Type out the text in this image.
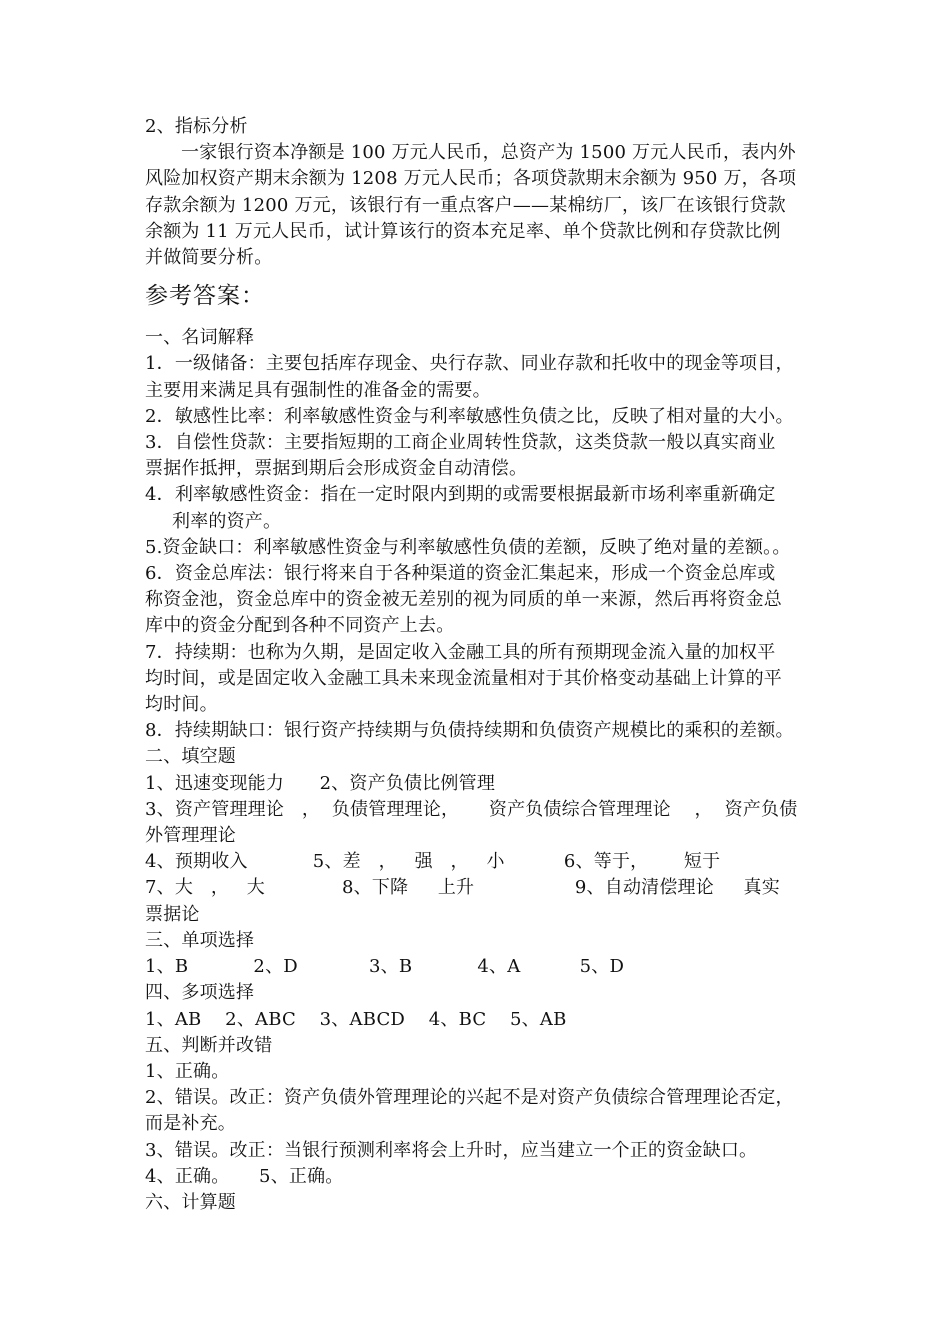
2、指标分析
一家银行资本净额是 100 万元人民币，总资产为 1500 万元人民币，表内外
风险加权资产期末余额为 1208 万元人民币；各项贷款期末余额为 950 万，各项
存款余额为 1200 万元，该银行有一重点客户——某棉纺厂，该厂在该银行贷款
余额为 11 万元人民币，试计算该行的资本充足率、单个贷款比例和存贷款比例
并做简要分析。
参考答案：
一、名词解释
1．一级储备：主要包括库存现金、央行存款、同业存款和托收中的现金等项目，
主要用来满足具有强制性的准备金的需要。
2．敏感性比率：利率敏感性资金与利率敏感性负债之比，反映了相对量的大小。
3．自偿性贷款：主要指短期的工商企业周转性贷款，这类贷款一般以真实商业
票据作抵押，票据到期后会形成资金自动清偿。
4．利率敏感性资金：指在一定时限内到期的或需要根据最新市场利率重新确定
利率的资产。
5.资金缺口：利率敏感性资金与利率敏感性负债的差额，反映了绝对量的差额。。
6．资金总库法：银行将来自于各种渠道的资金汇集起来，形成一个资金总库或
称资金池，资金总库中的资金被无差别的视为同质的单一来源，然后再将资金总
库中的资金分配到各种不同资产上去。
7．持续期：也称为久期，是固定收入金融工具的所有预期现金流入量的加权平
均时间，或是固定收入金融工具未来现金流量相对于其价格变动基础上计算的平
均时间。
8．持续期缺口：银行资产持续期与负债持续期和负债资产规模比的乘积的差额。
二、填空题
1、迅速变现能力      2、资产负债比例管理
3、资产管理理论   ，  负债管理理论，     资产负债综合管理理论    ，  资产负债
外管理理论
4、预期收入           5、差   ，   强   ，   小          6、等于，      短于
7、大   ，   大             8、下降     上升                 9、自动清偿理论     真实
票据论
三、单项选择
1、B           2、D            3、B           4、A          5、D
四、多项选择
1、AB    2、ABC    3、ABCD    4、BC    5、AB
五、判断并改错
1、正确。
2、错误。改正：资产负债外管理理论的兴起不是对资产负债综合管理理论否定，
而是补充。
3、错误。改正：当银行预测利率将会上升时，应当建立一个正的资金缺口。
4、正确。     5、正确。
六、计算题
